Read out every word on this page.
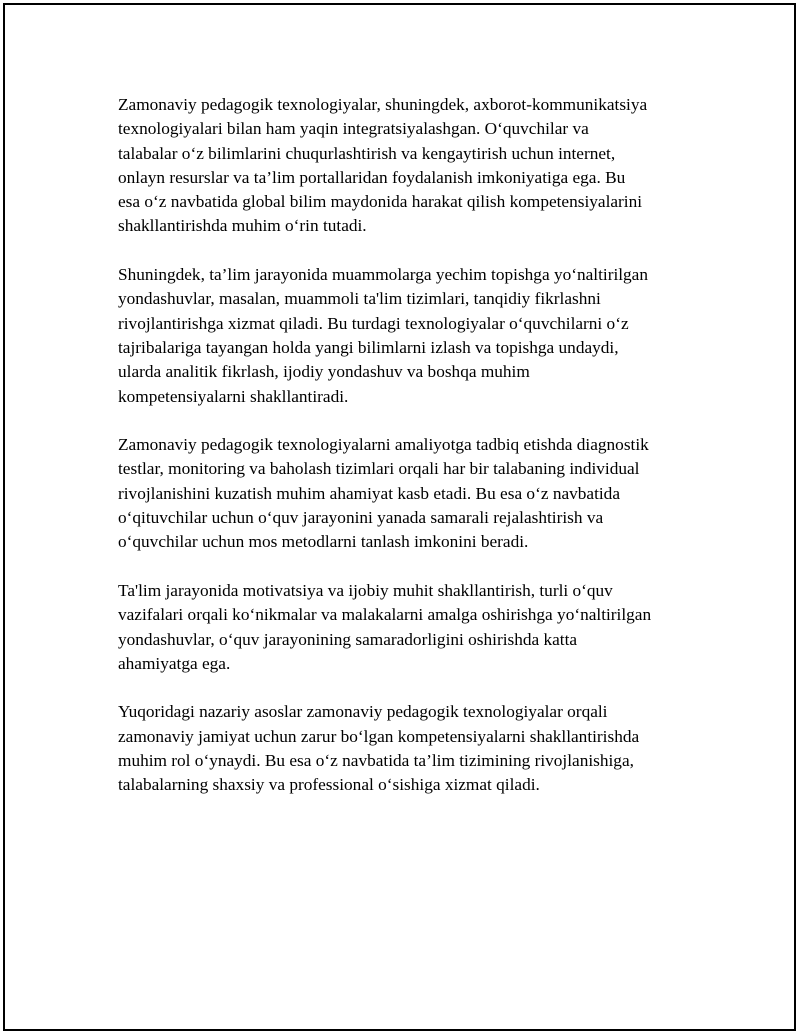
Zamonaviy pedagogik texnologiyalar, shuningdek, axborot-kommunikatsiya
texnologiyalari bilan ham yaqin integratsiyalashgan. O‘quvchilar va
talabalar o‘z bilimlarini chuqurlashtirish va kengaytirish uchun internet,
onlayn resurslar va ta’lim portallaridan foydalanish imkoniyatiga ega. Bu
esa o‘z navbatida global bilim maydonida harakat qilish kompetensiyalarini
shakllantirishda muhim o‘rin tutadi.

Shuningdek, ta’lim jarayonida muammolarga yechim topishga yo‘naltirilgan
yondashuvlar, masalan, muammoli ta'lim tizimlari, tanqidiy fikrlashni
rivojlantirishga xizmat qiladi. Bu turdagi texnologiyalar o‘quvchilarni o‘z
tajribalariga tayangan holda yangi bilimlarni izlash va topishga undaydi,
ularda analitik fikrlash, ijodiy yondashuv va boshqa muhim
kompetensiyalarni shakllantiradi.

Zamonaviy pedagogik texnologiyalarni amaliyotga tadbiq etishda diagnostik
testlar, monitoring va baholash tizimlari orqali har bir talabaning individual
rivojlanishini kuzatish muhim ahamiyat kasb etadi. Bu esa o‘z navbatida
o‘qituvchilar uchun o‘quv jarayonini yanada samarali rejalashtirish va
o‘quvchilar uchun mos metodlarni tanlash imkonini beradi.

Ta'lim jarayonida motivatsiya va ijobiy muhit shakllantirish, turli o‘quv
vazifalari orqali ko‘nikmalar va malakalarni amalga oshirishga yo‘naltirilgan
yondashuvlar, o‘quv jarayonining samaradorligini oshirishda katta
ahamiyatga ega.

Yuqoridagi nazariy asoslar zamonaviy pedagogik texnologiyalar orqali
zamonaviy jamiyat uchun zarur bo‘lgan kompetensiyalarni shakllantirishda
muhim rol o‘ynaydi. Bu esa o‘z navbatida ta’lim tizimining rivojlanishiga,
talabalarning shaxsiy va professional o‘sishiga xizmat qiladi.
